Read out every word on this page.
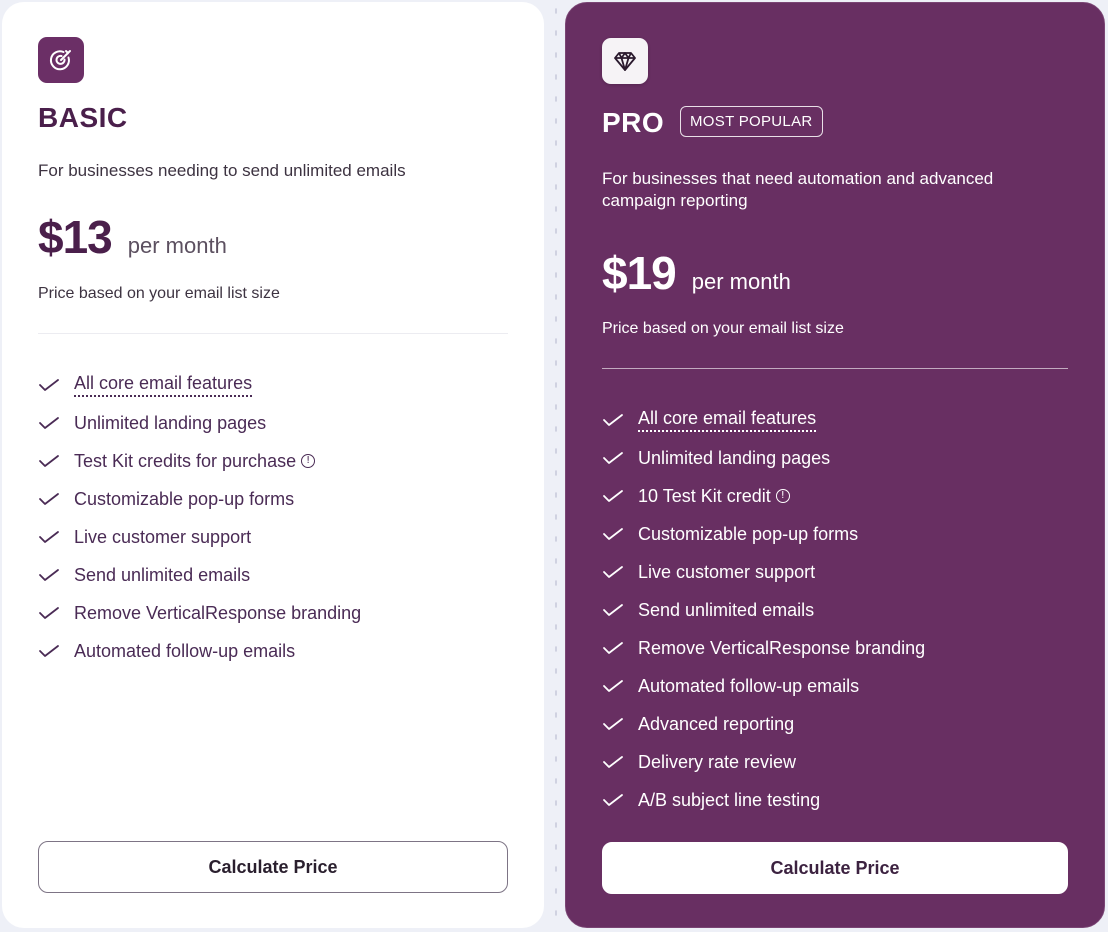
BASIC
For businesses needing to send unlimited emails
$13 per month
Price based on your email list size
All core email features
Unlimited landing pages
Test Kit credits for purchase !
Customizable pop-up forms
Live customer support
Send unlimited emails
Remove VerticalResponse branding
Automated follow-up emails
Calculate Price
PRO	MOST POPULAR
For businesses that need automation and advanced campaign reporting
$19 per month
Price based on your email list size
All core email features
Unlimited landing pages
10 Test Kit credit !
Customizable pop-up forms
Live customer support
Send unlimited emails
Remove VerticalResponse branding
Automated follow-up emails
Advanced reporting
Delivery rate review
A/B subject line testing
Calculate Price
